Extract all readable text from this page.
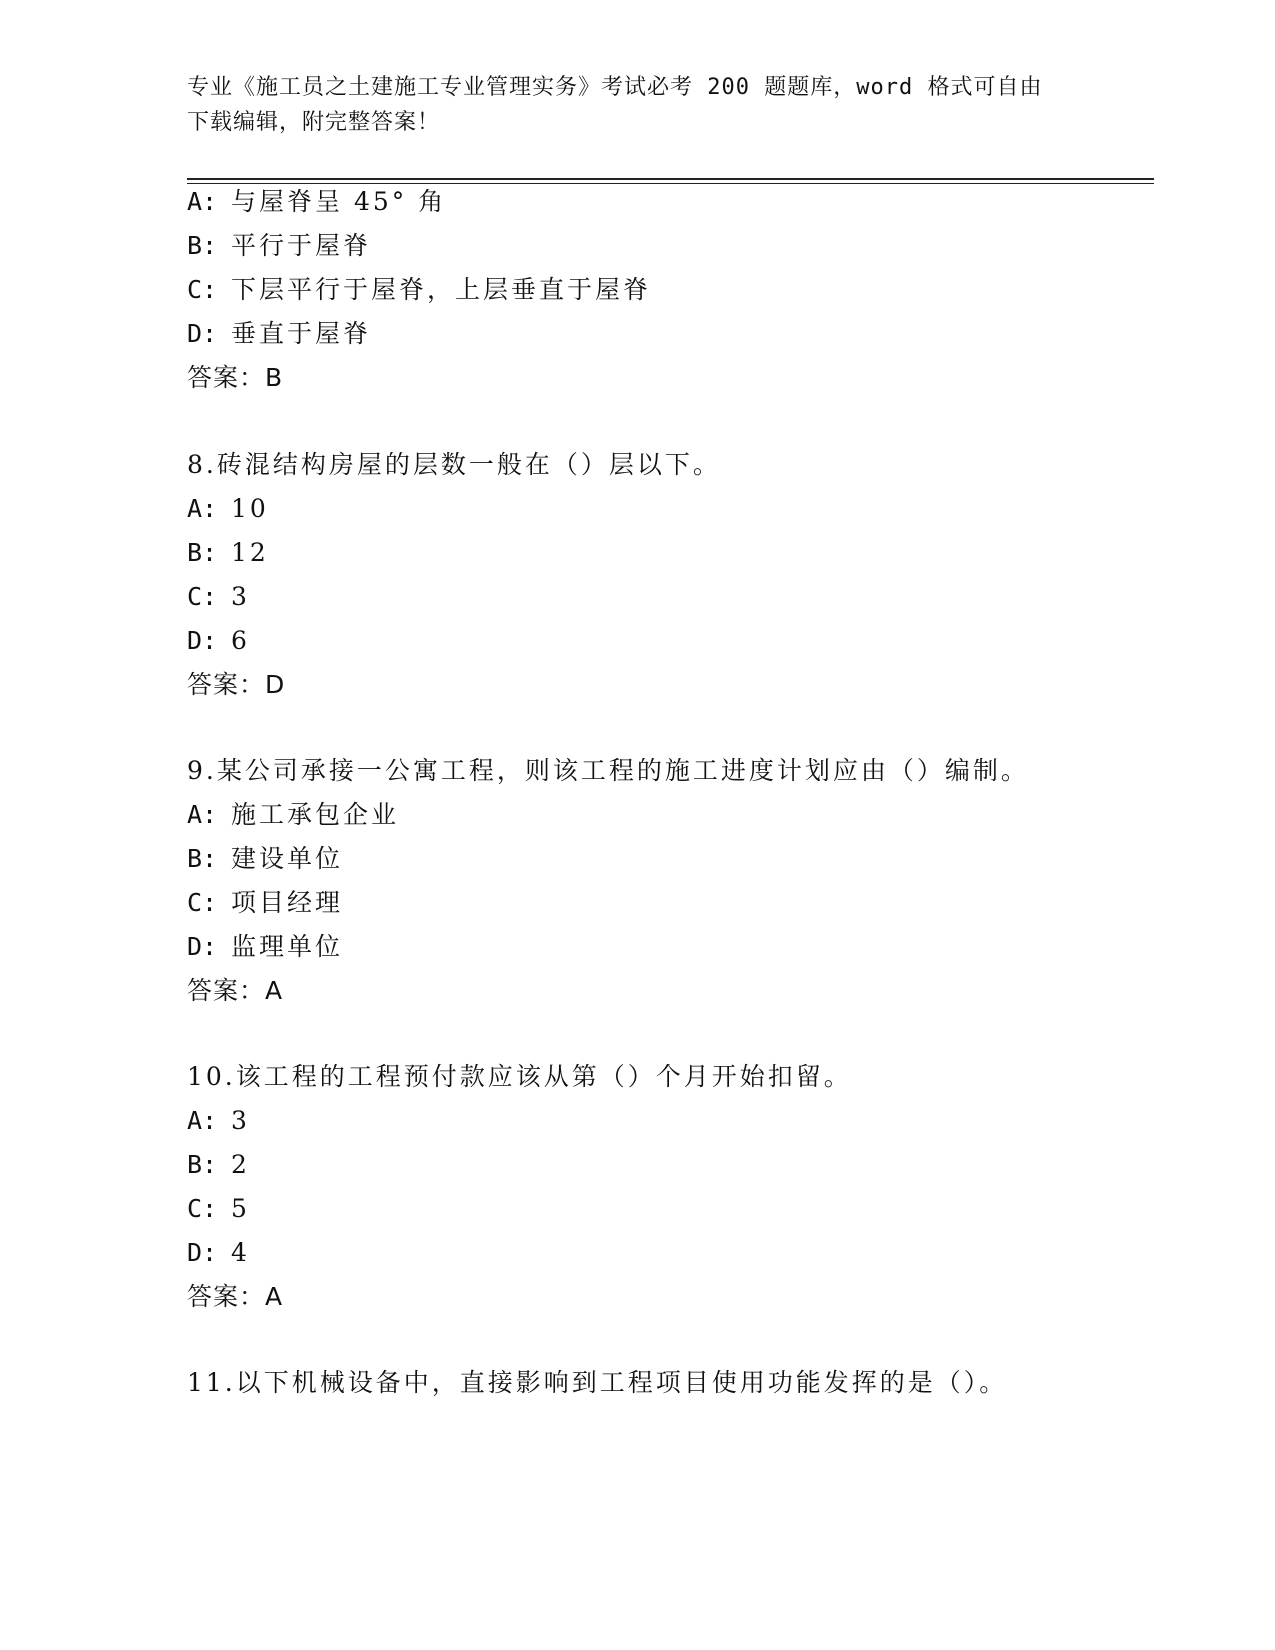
专业《施工员之土建施工专业管理实务》考试必考 200 题题库，word 格式可自由
下载编辑，附完整答案！
A: 与屋脊呈 45° 角
B: 平行于屋脊
C: 下层平行于屋脊，上层垂直于屋脊
D: 垂直于屋脊
答案：B
8.砖混结构房屋的层数一般在（）层以下。
A: 10
B: 12
C: 3
D: 6
答案：D
9.某公司承接一公寓工程，则该工程的施工进度计划应由（）编制。
A: 施工承包企业
B: 建设单位
C: 项目经理
D: 监理单位
答案：A
10.该工程的工程预付款应该从第（）个月开始扣留。
A: 3
B: 2
C: 5
D: 4
答案：A
11.以下机械设备中，直接影响到工程项目使用功能发挥的是（）。
